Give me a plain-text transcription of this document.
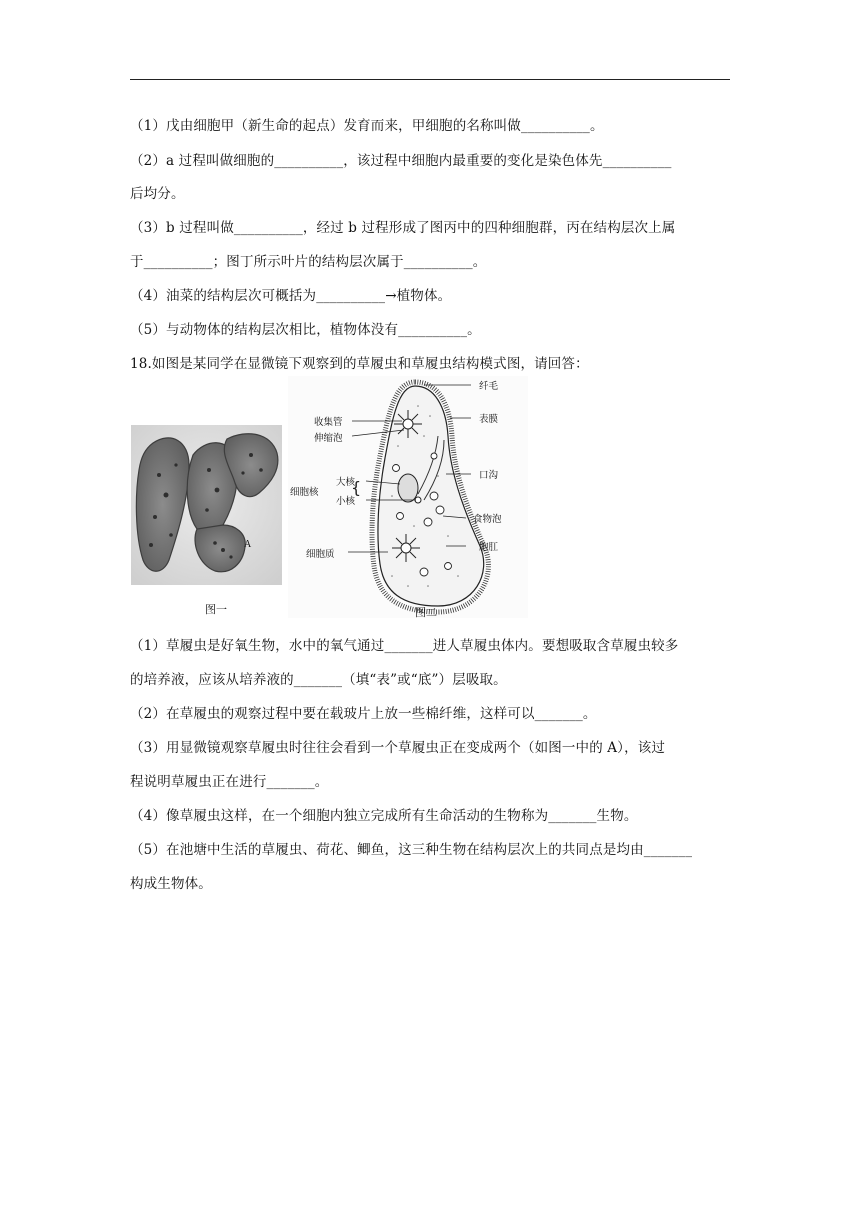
（1）戊由细胞甲（新生命的起点）发育而来，甲细胞的名称叫做__________。
（2）a 过程叫做细胞的__________，该过程中细胞内最重要的变化是染色体先__________
后均分。
（3）b 过程叫做__________，经过 b 过程形成了图丙中的四种细胞群，丙在结构层次上属
于__________；图丁所示叶片的结构层次属于__________。
（4）油菜的结构层次可概括为__________→植物体。
（5）与动物体的结构层次相比，植物体没有__________。
18.如图是某同学在显微镜下观察到的草履虫和草履虫结构模式图，请回答：
A
图一
{
纤毛
表膜
收集管
伸缩泡
口沟
细胞核
大核
小核
食物泡
胞肛
细胞质
图二
（1）草履虫是好氧生物，水中的氧气通过_______进人草履虫体内。要想吸取含草履虫较多
的培养液，应该从培养液的_______（填“表”或“底”）层吸取。
（2）在草履虫的观察过程中要在载玻片上放一些棉纤维，这样可以_______。
（3）用显微镜观察草履虫时往往会看到一个草履虫正在变成两个（如图一中的 A），该过
程说明草履虫正在进行_______。
（4）像草履虫这样，在一个细胞内独立完成所有生命活动的生物称为_______生物。
（5）在池塘中生活的草履虫、荷花、鲫鱼，这三种生物在结构层次上的共同点是均由_______
构成生物体。
